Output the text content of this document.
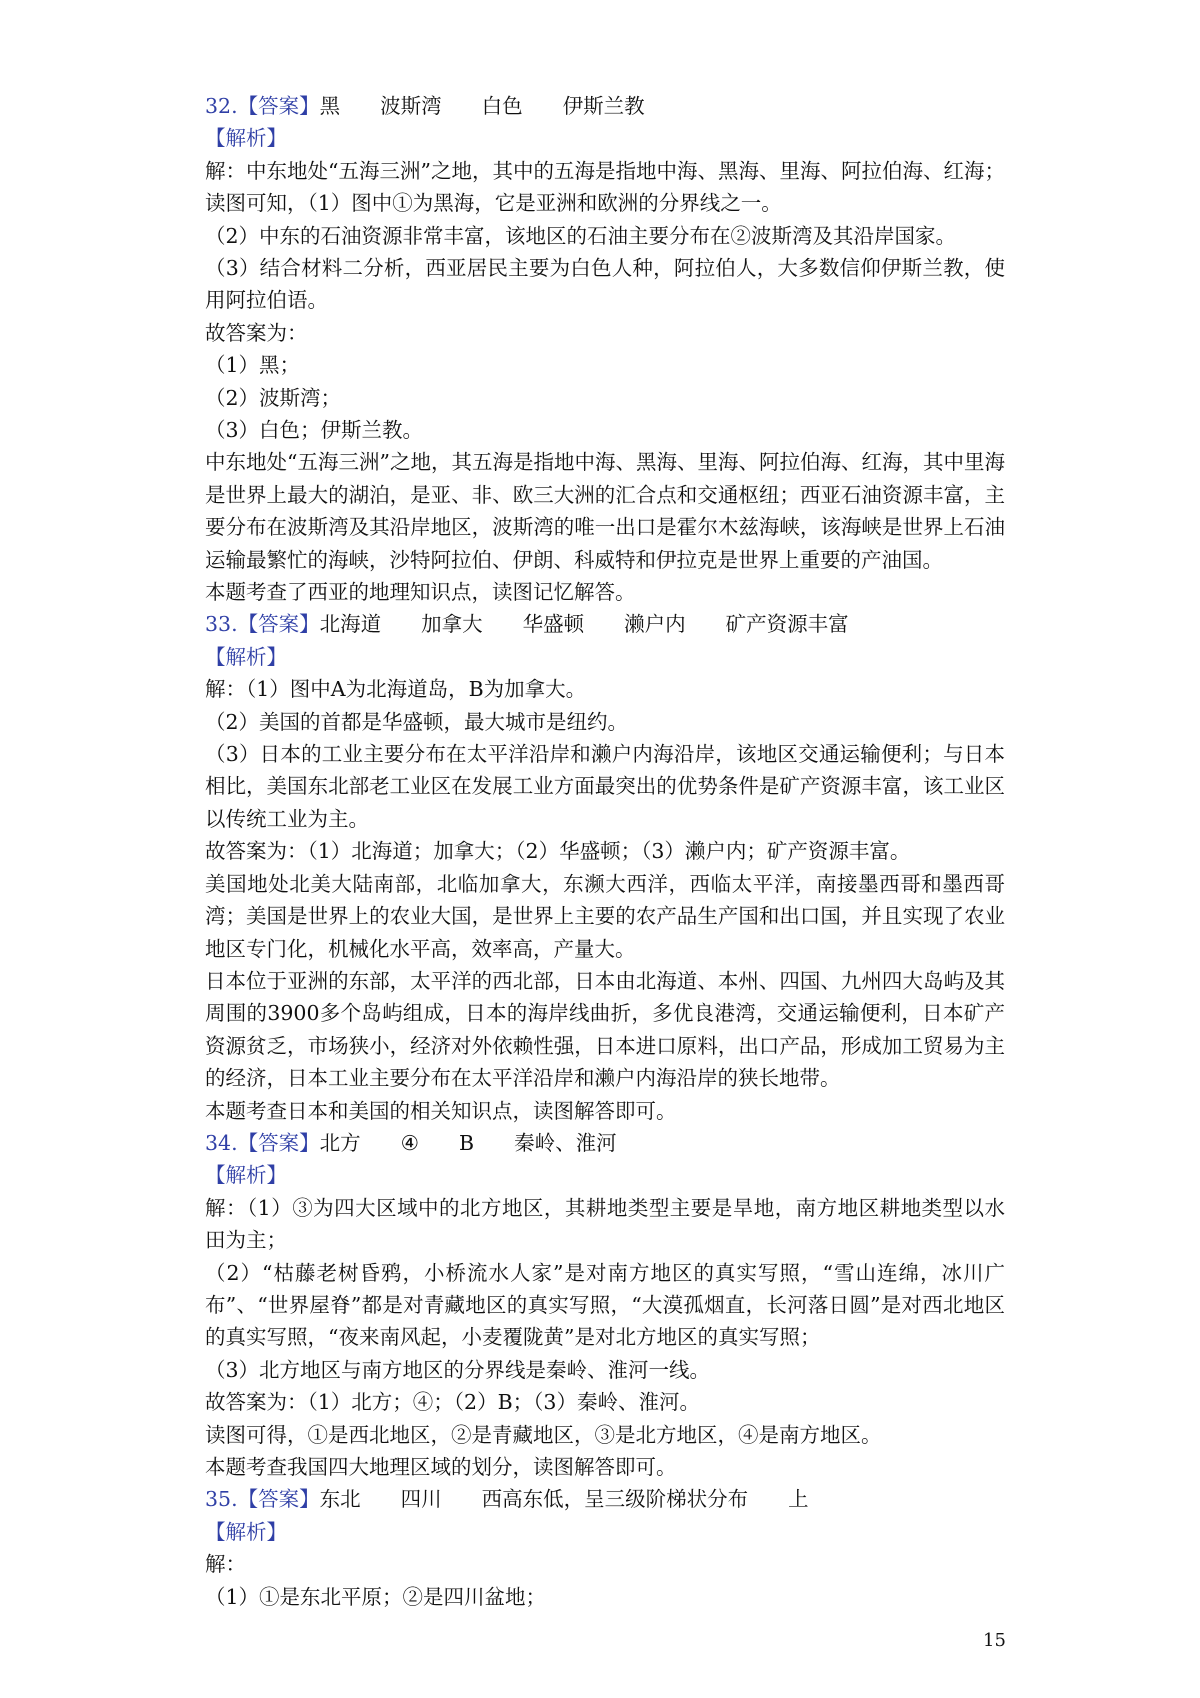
32. 【答案】 黑 波斯湾 白色 伊斯兰教
【解析】
解：中东地处“五海三洲”之地，其中的五海是指地中海、黑海、里海、阿拉伯海、红海；读图可知，（1）图中①为黑海，它是亚洲和欧洲的分界线之一。
（2）中东的石油资源非常丰富，该地区的石油主要分布在②波斯湾及其沿岸国家。
（3）结合材料二分析，西亚居民主要为白色人种，阿拉伯人，大多数信仰伊斯兰教，使用阿拉伯语。
故答案为：
（1）黑；
（2）波斯湾；
（3）白色；伊斯兰教。
中东地处“五海三洲”之地，其五海是指地中海、黑海、里海、阿拉伯海、红海，其中里海是世界上最大的湖泊，是亚、非、欧三大洲的汇合点和交通枢纽；西亚石油资源丰富，主要分布在波斯湾及其沿岸地区，波斯湾的唯一出口是霍尔木兹海峡，该海峡是世界上石油运输最繁忙的海峡，沙特阿拉伯、伊朗、科威特和伊拉克是世界上重要的产油国。
本题考查了西亚的地理知识点，读图记忆解答。
33. 【答案】 北海道 加拿大 华盛顿 濑户内 矿产资源丰富
【解析】
解：（1）图中A为北海道岛，B为加拿大。
（2）美国的首都是华盛顿，最大城市是纽约。
（3）日本的工业主要分布在太平洋沿岸和濑户内海沿岸，该地区交通运输便利；与日本相比，美国东北部老工业区在发展工业方面最突出的优势条件是矿产资源丰富，该工业区以传统工业为主。
故答案为：（1）北海道；加拿大；（2）华盛顿；（3）濑户内；矿产资源丰富。
美国地处北美大陆南部，北临加拿大，东濒大西洋，西临太平洋，南接墨西哥和墨西哥湾；美国是世界上的农业大国，是世界上主要的农产品生产国和出口国，并且实现了农业地区专门化，机械化水平高，效率高，产量大。
日本位于亚洲的东部，太平洋的西北部，日本由北海道、本州、四国、九州四大岛屿及其周围的3900多个岛屿组成，日本的海岸线曲折，多优良港湾，交通运输便利，日本矿产资源贫乏，市场狭小，经济对外依赖性强，日本进口原料，出口产品，形成加工贸易为主的经济，日本工业主要分布在太平洋沿岸和濑户内海沿岸的狭长地带。
本题考查日本和美国的相关知识点，读图解答即可。
34. 【答案】 北方 ④ B 秦岭、淮河
【解析】
解：（1）③为四大区域中的北方地区，其耕地类型主要是旱地，南方地区耕地类型以水田为主；
（2）“枯藤老树昏鸦，小桥流水人家”是对南方地区的真实写照，“雪山连绵，冰川广布”、“世界屋脊”都是对青藏地区的真实写照，“大漠孤烟直，长河落日圆”是对西北地区的真实写照，“夜来南风起，小麦覆陇黄”是对北方地区的真实写照；
（3）北方地区与南方地区的分界线是秦岭、淮河一线。
故答案为：（1）北方；④；（2）B；（3）秦岭、淮河。
读图可得，①是西北地区，②是青藏地区，③是北方地区，④是南方地区。
本题考查我国四大地理区域的划分，读图解答即可。
35. 【答案】 东北 四川 西高东低，呈三级阶梯状分布 上
【解析】
解：
（1）①是东北平原；②是四川盆地；
15
